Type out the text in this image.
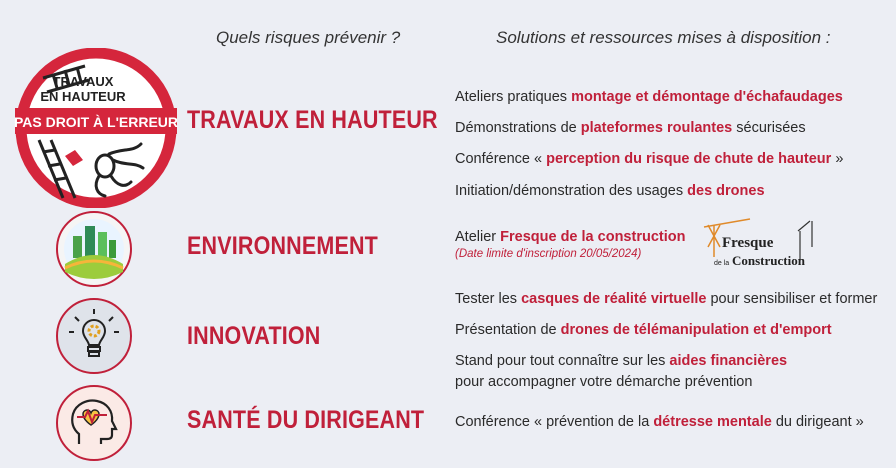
Quels risques prévenir ?	Solutions et ressources mises à disposition :
TRAVAUX
EN HAUTEUR
PAS DROIT À L'ERREUR TRAVAUX EN HAUTEUR
ENVIRONNEMENT
INNOVATION
SANTÉ DU DIRIGEANT
Ateliers pratiques montage et démontage d'échafaudages
Démonstrations de plateformes roulantes sécurisées
Conférence « perception du risque de chute de hauteur »
Initiation/démonstration des usages des drones
Atelier Fresque de la construction
(Date limite d'inscription 20/05/2024)
Tester les casques de réalité virtuelle pour sensibiliser et former
Présentation de drones de télémanipulation et d'emport
Stand pour tout connaître sur les aides financières
pour accompagner votre démarche prévention
Conférence « prévention de la détresse mentale du dirigeant »
Fresque
de la Construction
